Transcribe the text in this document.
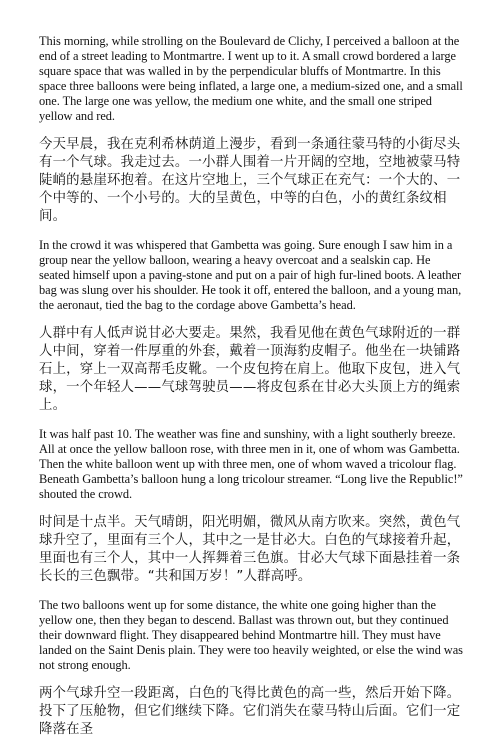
This morning, while strolling on the Boulevard de Clichy, I perceived a balloon at the end of a street leading to Montmartre. I went up to it. A small crowd bordered a large square space that was walled in by the perpendicular bluffs of Montmartre. In this space three balloons were being inflated, a large one, a medium-sized one, and a small one. The large one was yellow, the medium one white, and the small one striped yellow and red.

今天早晨，我在克利希林荫道上漫步，看到一条通往蒙马特的小街尽头有一个气球。我走过去。一小群人围着一片开阔的空地，空地被蒙马特陡峭的悬崖环抱着。在这片空地上，三个气球正在充气：一个大的、一个中等的、一个小号的。大的呈黄色，中等的白色，小的黄红条纹相间。

In the crowd it was whispered that Gambetta was going. Sure enough I saw him in a group near the yellow balloon, wearing a heavy overcoat and a sealskin cap. He seated himself upon a paving-stone and put on a pair of high fur-lined boots. A leather bag was slung over his shoulder. He took it off, entered the balloon, and a young man, the aeronaut, tied the bag to the cordage above Gambetta’s head.

人群中有人低声说甘必大要走。果然，我看见他在黄色气球附近的一群人中间，穿着一件厚重的外套，戴着一顶海豹皮帽子。他坐在一块铺路石上，穿上一双高帮毛皮靴。一个皮包挎在肩上。他取下皮包，进入气球，一个年轻人——气球驾驶员——将皮包系在甘必大头顶上方的绳索上。

It was half past 10. The weather was fine and sunshiny, with a light southerly breeze. All at once the yellow balloon rose, with three men in it, one of whom was Gambetta. Then the white balloon went up with three men, one of whom waved a tricolour flag. Beneath Gambetta’s balloon hung a long tricolour streamer. “Long live the Republic!” shouted the crowd.

时间是十点半。天气晴朗，阳光明媚，微风从南方吹来。突然，黄色气球升空了，里面有三个人，其中之一是甘必大。白色的气球接着升起，里面也有三个人，其中一人挥舞着三色旗。甘必大气球下面悬挂着一条长长的三色飘带。“共和国万岁！”人群高呼。

The two balloons went up for some distance, the white one going higher than the yellow one, then they began to descend. Ballast was thrown out, but they continued their downward flight. They disappeared behind Montmartre hill. They must have landed on the Saint Denis plain. They were too heavily weighted, or else the wind was not strong enough.

两个气球升空一段距离，白色的飞得比黄色的高一些，然后开始下降。投下了压舱物，但它们继续下降。它们消失在蒙马特山后面。它们一定降落在圣
